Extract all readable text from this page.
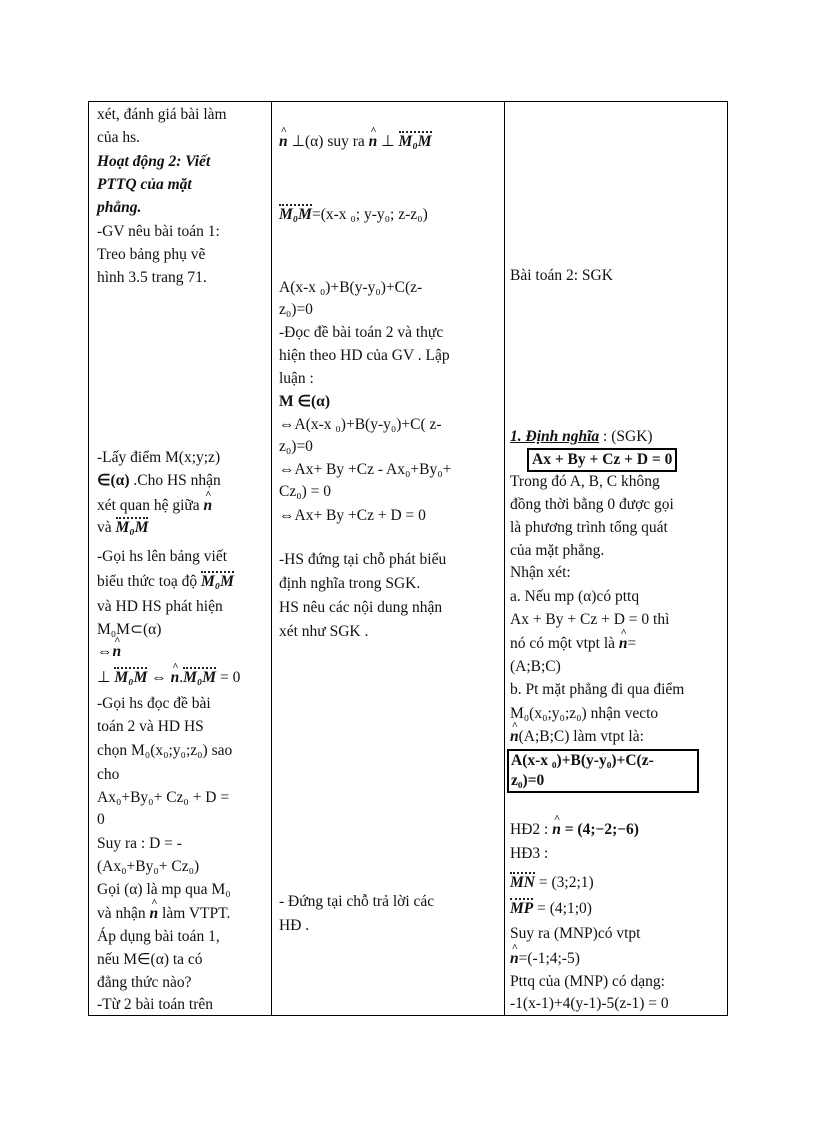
xét, đánh giá bài làm
của hs.
Hoạt động 2: Viết
PTTQ của mặt
phẳng.
-GV nêu bài toán 1:
Treo bảng phụ vẽ
hình 3.5 trang 71.
-Lấy điểm M(x;y;z)
∈(α) .Cho HS nhận
xét quan hệ giữa ˄ n
và M₀M
-Gọi hs lên bảng viết
biểu thức toạ độ M₀M
và HD HS phát hiện
M₀M⊂(α)
⇔˄ n
⊥ M₀M ⇔ ˄ n.M₀M = 0
-Gọi hs đọc đề bài
toán 2 và HD HS
chọn M₀(x₀;y₀;z₀) sao
cho
Ax₀+By₀+ Cz₀ + D =
0
Suy ra : D = -
(Ax₀+By₀+ Cz₀)
Gọi (α) là mp qua M₀
và nhận ˄ n làm VTPT.
Áp dụng bài toán 1,
nếu M∈(α) ta có
đẳng thức nào?
-Từ 2 bài toán trên
˄ n ⊥(α) suy ra ˄ n ⊥ M₀M
M₀M=(x-x ₀; y-y₀; z-z₀)
A(x-x ₀)+B(y-y₀)+C(z-
z₀)=0
-Đọc đề bài toán 2 và thực
hiện theo HD của GV . Lập
luận :
M ∈(α)
⇔A(x-x ₀)+B(y-y₀)+C( z-
z₀)=0
⇔Ax+ By +Cz - Ax₀+By₀+
Cz₀) = 0
⇔Ax+ By +Cz + D = 0
-HS đứng tại chỗ phát biểu
định nghĩa trong SGK.
HS nêu các nội dung nhận
xét như SGK .
- Đứng tại chỗ trả lời các
HĐ .
Bài toán 2: SGK
1. Định nghĩa : (SGK)
Ax + By + Cz + D = 0
Trong đó A, B, C không
đồng thời bằng 0 được gọi
là phương trình tổng quát
của mặt phẳng.
Nhận xét:
a. Nếu mp (α)có pttq
Ax + By + Cz + D = 0 thì
nó có một vtpt là ˄ n=
(A;B;C)
b. Pt mặt phẳng đi qua điểm
M₀(x₀;y₀;z₀) nhận vecto
˄ n(A;B;C) làm vtpt là:
A(x-x ₀)+B(y-y₀)+C(z-
z₀)=0
HĐ2 : ˄ n = (4;−2;−6)
HĐ3 :
MN = (3;2;1)
MP = (4;1;0)
Suy ra (MNP)có vtpt
˄ n=(-1;4;-5)
Pttq của (MNP) có dạng:
-1(x-1)+4(y-1)-5(z-1) = 0
